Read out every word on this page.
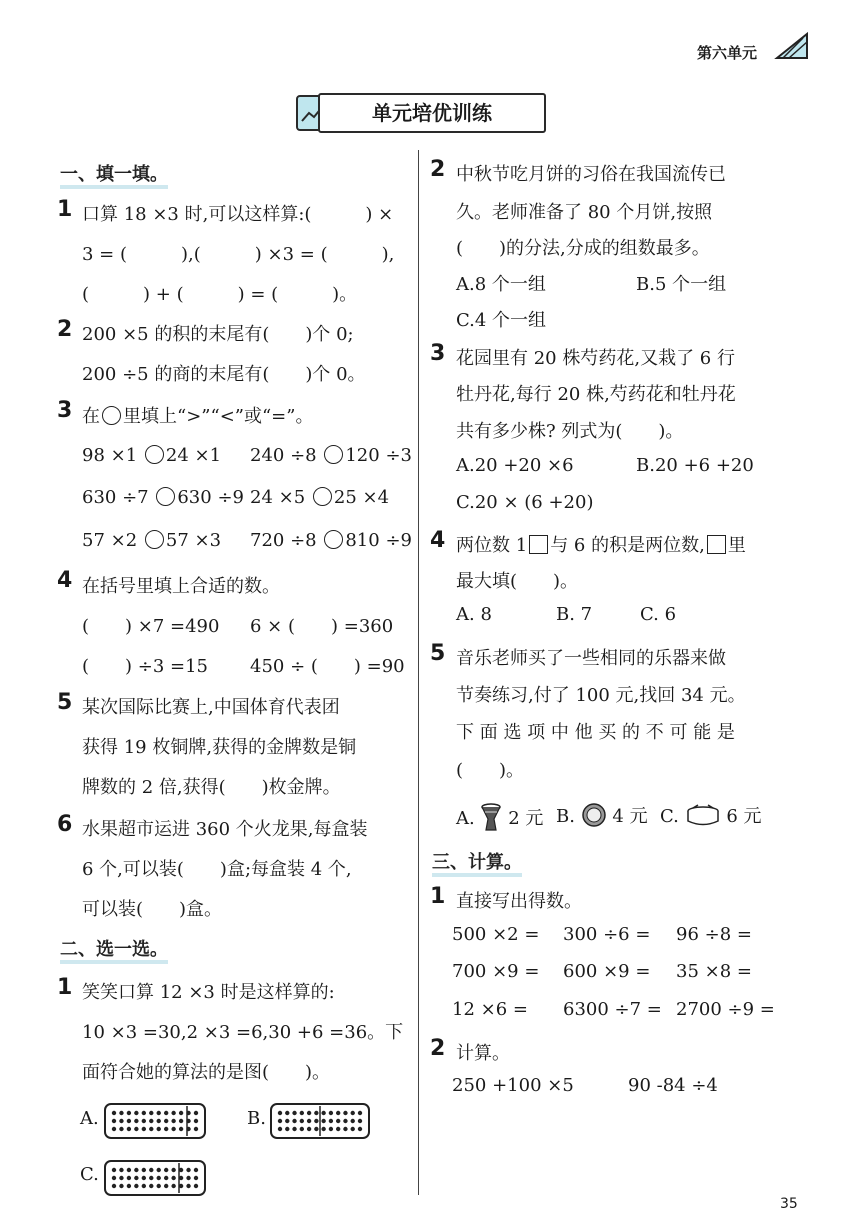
第六单元
单元培优训练
一、填一填。
1 口算 18 ×3 时,可以这样算:(　　　) ×
3 = (　　　),(　　　) ×3 = (　　　),
(　　　) + (　　　) = (　　　)。
2 200 ×5 的积的末尾有(　　)个 0;
200 ÷5 的商的末尾有(　　)个 0。
3 在 里填上“>”“<”或“=”。
98 ×1 24 ×1 240 ÷8 120 ÷3
630 ÷7 630 ÷9 24 ×5 25 ×4
57 ×2 57 ×3 720 ÷8 810 ÷9
4 在括号里填上合适的数。
(　　) ×7 =490 6 × (　　) =360
(　　) ÷3 =15 450 ÷ (　　) =90
5 某次国际比赛上,中国体育代表团
获得 19 枚铜牌,获得的金牌数是铜
牌数的 2 倍,获得(　　)枚金牌。
6 水果超市运进 360 个火龙果,每盒装
6 个,可以装(　　)盒;每盒装 4 个,
可以装(　　)盒。
二、选一选。
1 笑笑口算 12 ×3 时是这样算的:
10 ×3 =30,2 ×3 =6,30 +6 =36。下
面符合她的算法的是图(　　)。
A.	B.
C.
2 中秋节吃月饼的习俗在我国流传已
久。老师准备了 80 个月饼,按照
(　　)的分法,分成的组数最多。
A.8 个一组	B.5 个一组
C.4 个一组
3 花园里有 20 株芍药花,又栽了 6 行
牡丹花,每行 20 株,芍药花和牡丹花
共有多少株? 列式为(　　)。
A.20 +20 ×6	B.20 +6 +20
C.20 × (6 +20)
4 两位数 1 与 6 的积是两位数, 里
最大填(　　)。
A. 8	B. 7	C. 6
5 音乐老师买了一些相同的乐器来做
节奏练习,付了 100 元,找回 34 元。
下 面 选 项 中 他 买 的 不 可 能 是
(　　)。
A. 2 元 B. 4 元 C.	6 元
三、计算。
1 直接写出得数。
500 ×2 = 300 ÷6 = 96 ÷8 =
700 ×9 = 600 ×9 = 35 ×8 =
12 ×6 = 6300 ÷7 = 2700 ÷9 =
2 计算。
250 +100 ×5	90 -84 ÷4
35
